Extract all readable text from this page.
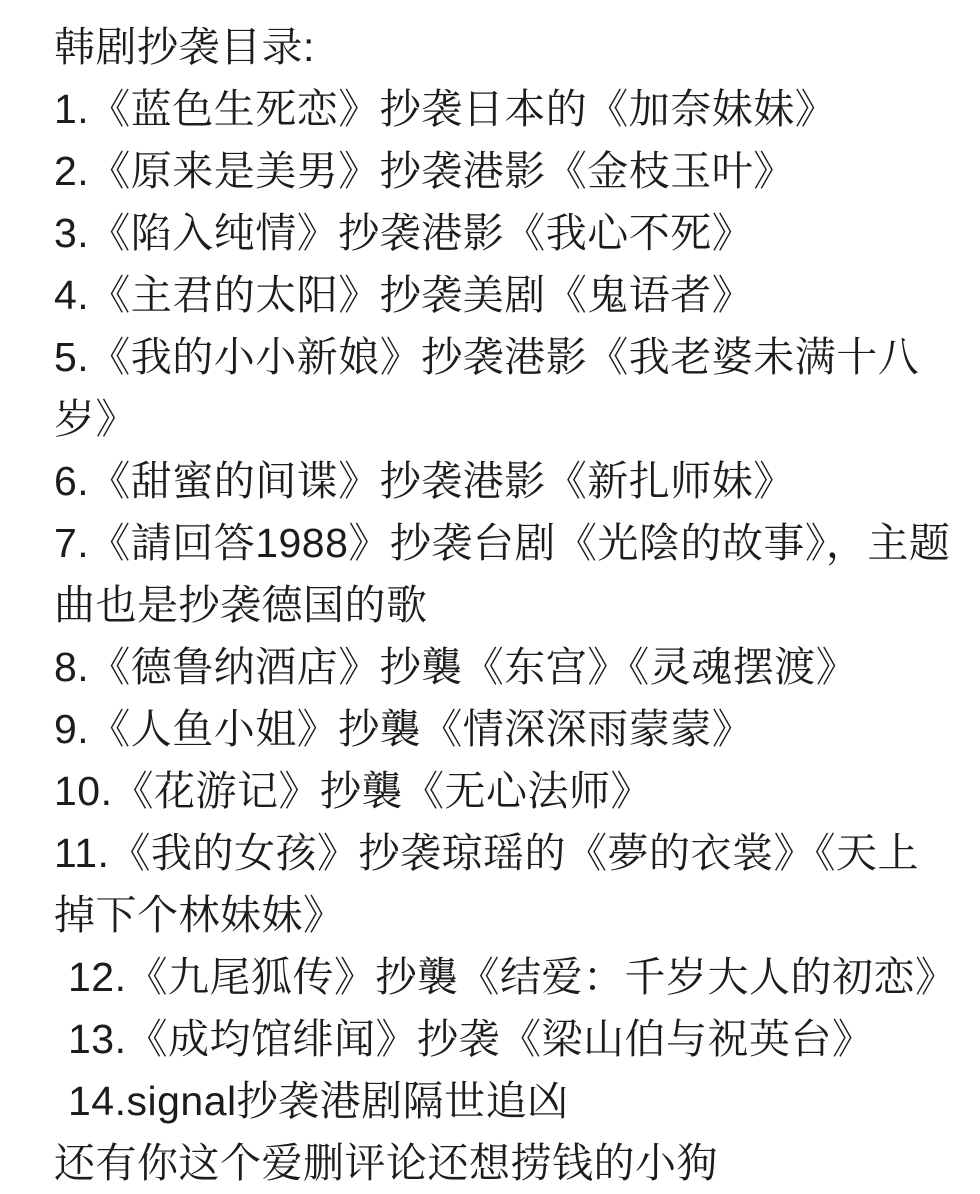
韩剧抄袭目录:
1.《蓝色生死恋》抄袭日本的《加奈妹妹》
2.《原来是美男》抄袭港影《金枝玉叶》
3.《陷入纯情》抄袭港影《我心不死》
4.《主君的太阳》抄袭美剧《鬼语者》
5.《我的小小新娘》抄袭港影《我老婆未满十八岁》
6.《甜蜜的间谍》抄袭港影《新扎师妹》
7.《請回答1988》抄袭台剧《光陰的故事》，主题曲也是抄袭德国的歌
8.《德鲁纳酒店》抄襲《东宫》《灵魂摆渡》
9.《人鱼小姐》抄襲《情深深雨蒙蒙》
10.《花游记》抄襲《无心法师》
11.《我的女孩》抄袭琼瑶的《夢的衣裳》《天上掉下个林妹妹》
12.《九尾狐传》抄襲《结爱：千岁大人的初恋》
13.《成均馆绯闻》抄袭《梁山伯与祝英台》
14.signal抄袭港剧隔世追凶
还有你这个爱删评论还想捞钱的小狗
